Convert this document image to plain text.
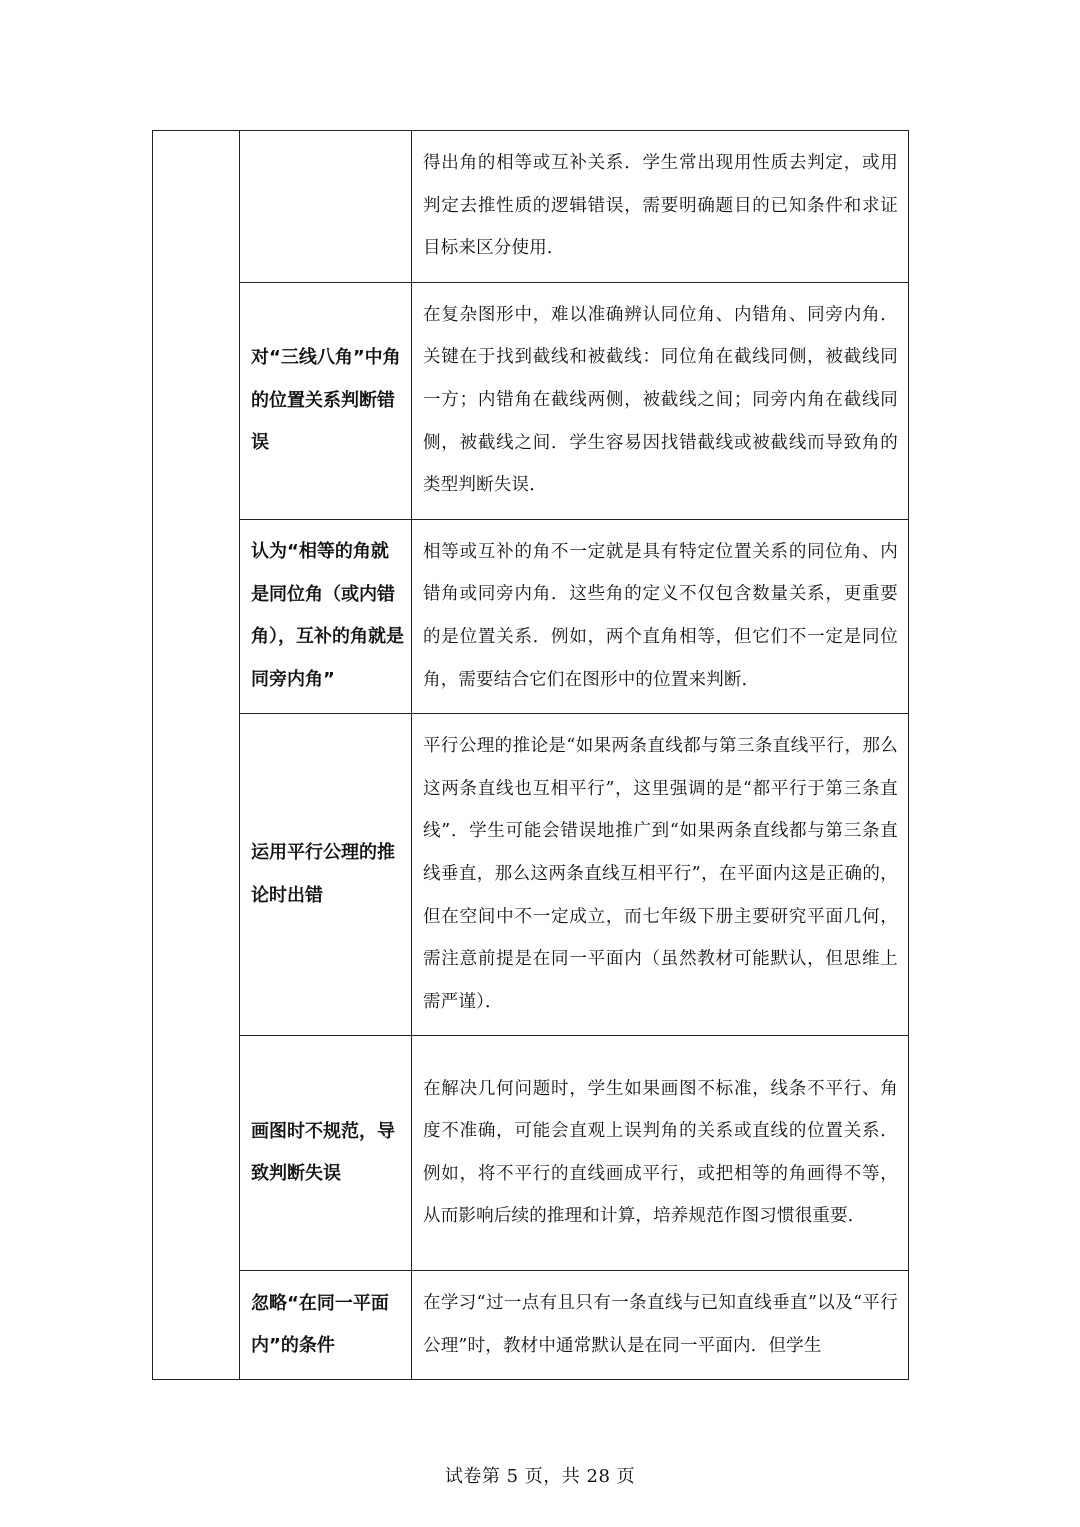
		得出角的相等或互补关系．学生常出现用性质去判定，或用判定去推性质的逻辑错误，需要明确题目的已知条件和求证目标来区分使用．
	对“三线八角”中角的位置关系判断错误	在复杂图形中，难以准确辨认同位角、内错角、同旁内角．关键在于找到截线和被截线：同位角在截线同侧，被截线同一方；内错角在截线两侧，被截线之间；同旁内角在截线同侧，被截线之间．学生容易因找错截线或被截线而导致角的类型判断失误．
	认为“相等的角就是同位角（或内错角），互补的角就是同旁内角”	相等或互补的角不一定就是具有特定位置关系的同位角、内错角或同旁内角．这些角的定义不仅包含数量关系，更重要的是位置关系．例如，两个直角相等，但它们不一定是同位角，需要结合它们在图形中的位置来判断．
	运用平行公理的推论时出错	平行公理的推论是“如果两条直线都与第三条直线平行，那么这两条直线也互相平行”，这里强调的是“都平行于第三条直线”．学生可能会错误地推广到“如果两条直线都与第三条直线垂直，那么这两条直线互相平行”，在平面内这是正确的，但在空间中不一定成立，而七年级下册主要研究平面几何，需注意前提是在同一平面内（虽然教材可能默认，但思维上需严谨）．
	画图时不规范，导致判断失误	在解决几何问题时，学生如果画图不标准，线条不平行、角度不准确，可能会直观上误判角的关系或直线的位置关系．例如，将不平行的直线画成平行，或把相等的角画得不等，从而影响后续的推理和计算，培养规范作图习惯很重要．
	忽略“在同一平面内”的条件	在学习“过一点有且只有一条直线与已知直线垂直”以及“平行公理”时，教材中通常默认是在同一平面内．但学生
试卷第 5 页，共 28 页
